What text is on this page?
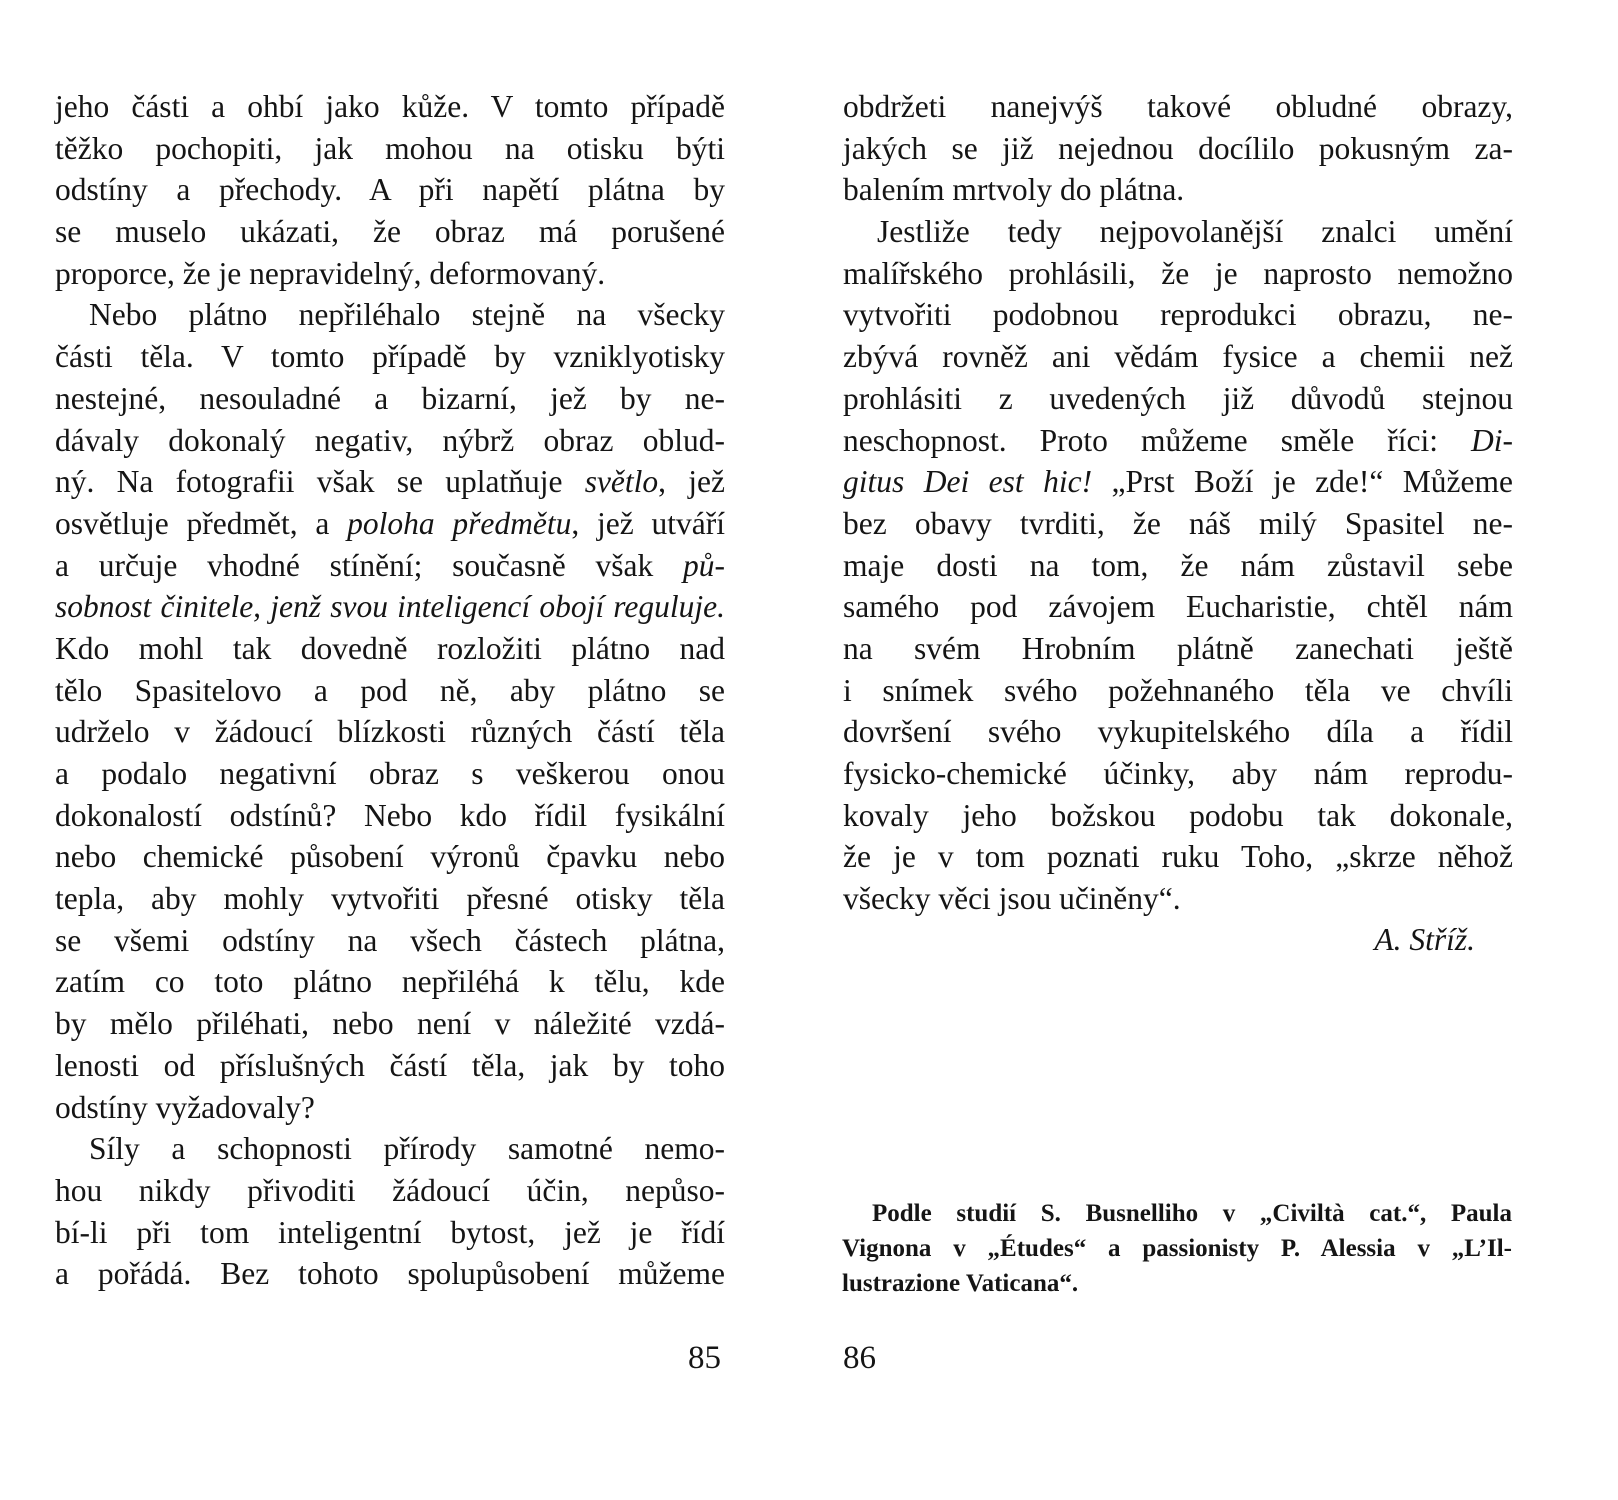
jeho části a ohbí jako kůže. V tomto případě
těžko pochopiti, jak mohou na otisku býti
odstíny a přechody. A při napětí plátna by
se muselo ukázati, že obraz má porušené
proporce, že je nepravidelný, deformovaný.
Nebo plátno nepřiléhalo stejně na všecky
části těla. V tomto případě by vzniklyotisky
nestejné, nesouladné a bizarní, jež by ne-
dávaly dokonalý negativ, nýbrž obraz oblud-
ný. Na fotografii však se uplatňuje světlo, jež
osvětluje předmět, a poloha předmětu, jež utváří
a určuje vhodné stínění; současně však pů-
sobnost činitele, jenž svou inteligencí obojí reguluje.
Kdo mohl tak dovedně rozložiti plátno nad
tělo Spasitelovo a pod ně, aby plátno se
udrželo v žádoucí blízkosti různých částí těla
a podalo negativní obraz s veškerou onou
dokonalostí odstínů? Nebo kdo řídil fysikální
nebo chemické působení výronů čpavku nebo
tepla, aby mohly vytvořiti přesné otisky těla
se všemi odstíny na všech částech plátna,
zatím co toto plátno nepřiléhá k tělu, kde
by mělo přiléhati, nebo není v náležité vzdá-
lenosti od příslušných částí těla, jak by toho
odstíny vyžadovaly?
Síly a schopnosti přírody samotné nemo-
hou nikdy přivoditi žádoucí účin, nepůso-
bí-li při tom inteligentní bytost, jež je řídí
a pořádá. Bez tohoto spolupůsobení můžeme
obdržeti nanejvýš takové obludné obrazy,
jakých se již nejednou docílilo pokusným za-
balením mrtvoly do plátna.
Jestliže tedy nejpovolanější znalci umění
malířského prohlásili, že je naprosto nemožno
vytvořiti podobnou reprodukci obrazu, ne-
zbývá rovněž ani vědám fysice a chemii než
prohlásiti z uvedených již důvodů stejnou
neschopnost. Proto můžeme směle říci: Di-
gitus Dei est hic! „Prst Boží je zde!“ Můžeme
bez obavy tvrditi, že náš milý Spasitel ne-
maje dosti na tom, že nám zůstavil sebe
samého pod závojem Eucharistie, chtěl nám
na svém Hrobním plátně zanechati ještě
i snímek svého požehnaného těla ve chvíli
dovršení svého vykupitelského díla a řídil
fysicko-chemické účinky, aby nám reprodu-
kovaly jeho božskou podobu tak dokonale,
že je v tom poznati ruku Toho, „skrze něhož
všecky věci jsou učiněny“.
A. Stříž.
Podle studií S. Busnelliho v „Civiltà cat.“, Paula
Vignona v „Études“ a passionisty P. Alessia v „L’Il-
lustrazione Vaticana“.
85	86
